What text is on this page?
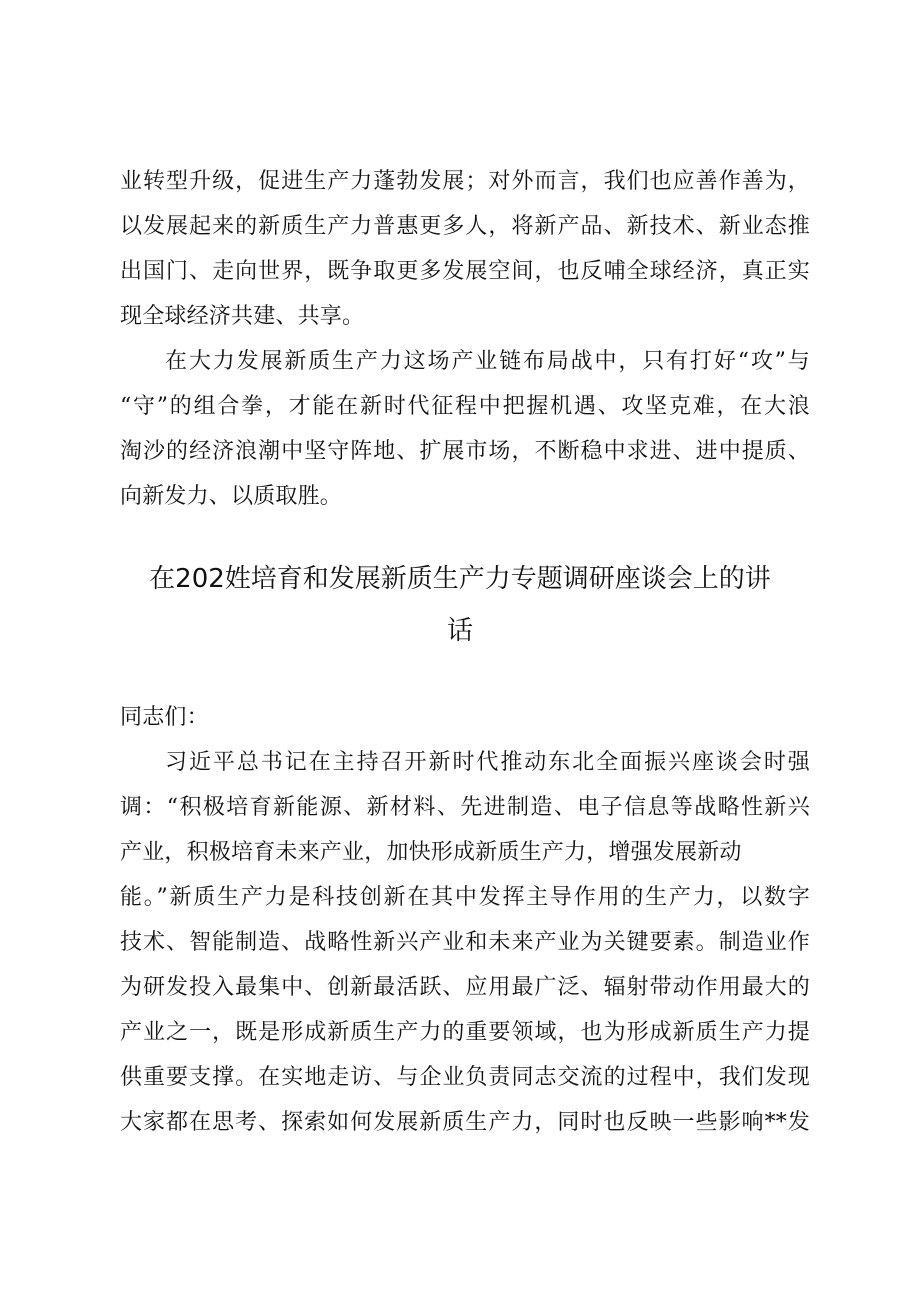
业转型升级，促进生产力蓬勃发展；对外而言，我们也应善作善为，
以发展起来的新质生产力普惠更多人，将新产品、新技术、新业态推
出国门、走向世界，既争取更多发展空间，也反哺全球经济，真正实
现全球经济共建、共享。
在大力发展新质生产力这场产业链布局战中，只有打好“攻”与
“守”的组合拳，才能在新时代征程中把握机遇、攻坚克难，在大浪
淘沙的经济浪潮中坚守阵地、扩展市场，不断稳中求进、进中提质、
向新发力、以质取胜。
在202姓培育和发展新质生产力专题调研座谈会上的讲
话
同志们：
习近平总书记在主持召开新时代推动东北全面振兴座谈会时强
调：“积极培育新能源、新材料、先进制造、电子信息等战略性新兴
产业，积极培育未来产业，加快形成新质生产力，增强发展新动
能。”新质生产力是科技创新在其中发挥主导作用的生产力，以数字
技术、智能制造、战略性新兴产业和未来产业为关键要素。制造业作
为研发投入最集中、创新最活跃、应用最广泛、辐射带动作用最大的
产业之一，既是形成新质生产力的重要领域，也为形成新质生产力提
供重要支撑。在实地走访、与企业负责同志交流的过程中，我们发现
大家都在思考、探索如何发展新质生产力，同时也反映一些影响**发
